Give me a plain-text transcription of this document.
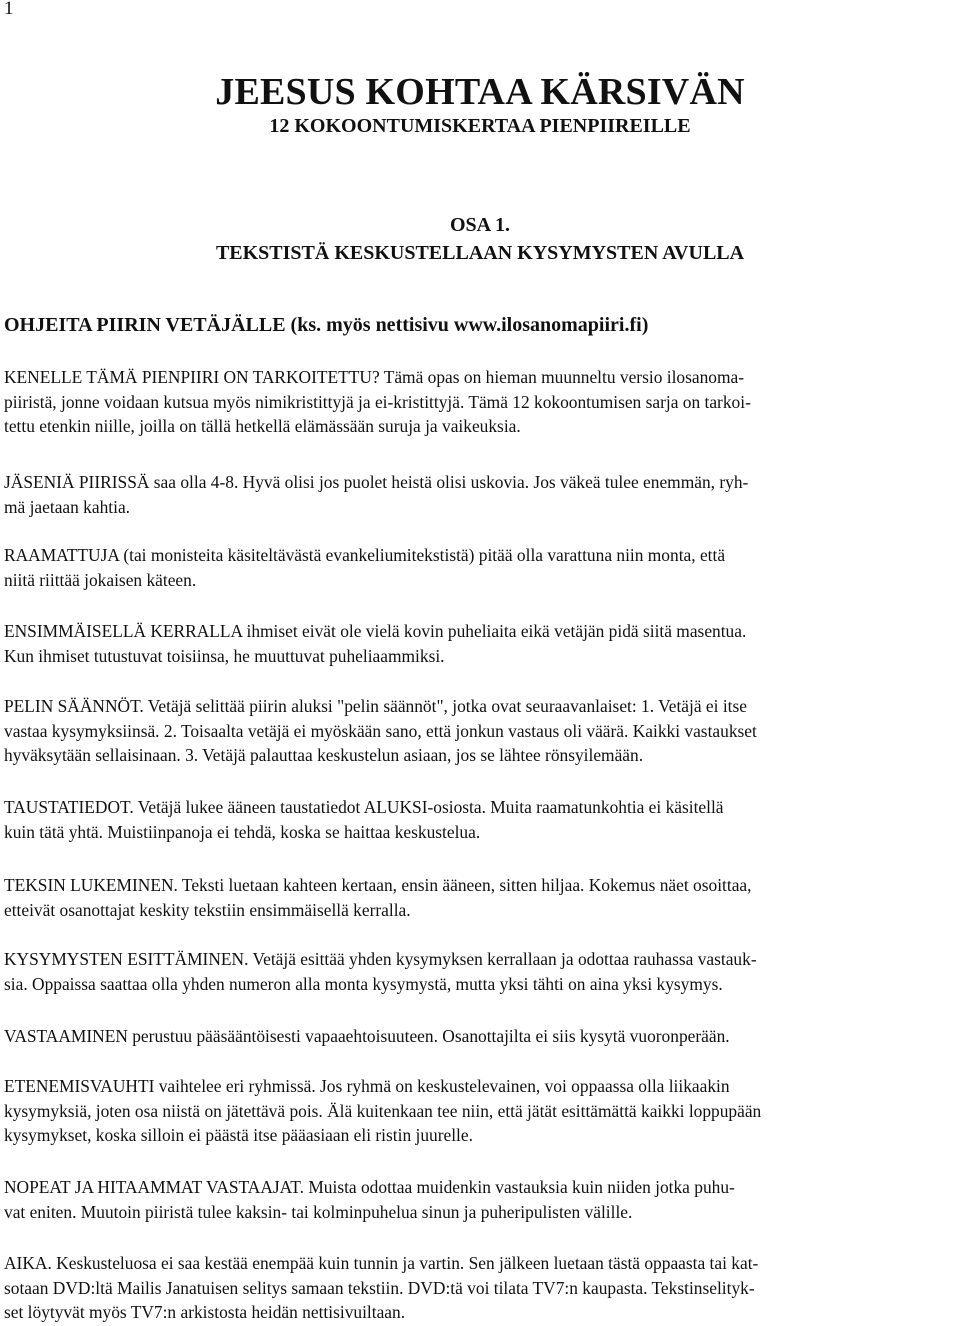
1

JEESUS KOHTAA KÄRSIVÄN

12 KOKOONTUMISKERTAA PIENPIIREILLE

OSA 1.

TEKSTISTÄ KESKUSTELLAAN KYSYMYSTEN AVULLA

OHJEITA PIIRIN VETÄJÄLLE (ks. myös nettisivu www.ilosanomapiiri.fi)

KENELLE TÄMÄ PIENPIIRI ON TARKOITETTU? Tämä opas on hieman muunneltu versio ilosanoma-
piiristä, jonne voidaan kutsua myös nimikristittyjä ja ei-kristittyjä. Tämä 12 kokoontumisen sarja on tarkoi-
tettu etenkin niille, joilla on tällä hetkellä elämässään suruja ja vaikeuksia.
JÄSENIÄ PIIRISSÄ saa olla 4-8. Hyvä olisi jos puolet heistä olisi uskovia. Jos väkeä tulee enemmän, ryh-
mä jaetaan kahtia.
RAAMATTUJA (tai monisteita käsiteltävästä evankeliumitekstistä) pitää olla varattuna niin monta, että
niitä riittää jokaisen käteen.
ENSIMMÄISELLÄ KERRALLA ihmiset eivät ole vielä kovin puheliaita eikä vetäjän pidä siitä masentua.
Kun ihmiset tutustuvat toisiinsa, he muuttuvat puheliaammiksi.
PELIN SÄÄNNÖT. Vetäjä selittää piirin aluksi "pelin säännöt", jotka ovat seuraavanlaiset: 1. Vetäjä ei itse
vastaa kysymyksiinsä. 2. Toisaalta vetäjä ei myöskään sano, että jonkun vastaus oli väärä. Kaikki vastaukset
hyväksytään sellaisinaan. 3. Vetäjä palauttaa keskustelun asiaan, jos se lähtee rönsyilemään.
TAUSTATIEDOT. Vetäjä lukee ääneen taustatiedot ALUKSI-osiosta. Muita raamatunkohtia ei käsitellä
kuin tätä yhtä. Muistiinpanoja ei tehdä, koska se haittaa keskustelua.
TEKSIN LUKEMINEN. Teksti luetaan kahteen kertaan, ensin ääneen, sitten hiljaa. Kokemus näet osoittaa,
etteivät osanottajat keskity tekstiin ensimmäisellä kerralla.
KYSYMYSTEN ESITTÄMINEN. Vetäjä esittää yhden kysymyksen kerrallaan ja odottaa rauhassa vastauk-
sia. Oppaissa saattaa olla yhden numeron alla monta kysymystä, mutta yksi tähti on aina yksi kysymys.
VASTAAMINEN perustuu pääsääntöisesti vapaaehtoisuuteen. Osanottajilta ei siis kysytä vuoronperään.
ETENEMISVAUHTI vaihtelee eri ryhmissä. Jos ryhmä on keskustelevainen, voi oppaassa olla liikaakin
kysymyksiä, joten osa niistä on jätettävä pois. Älä kuitenkaan tee niin, että jätät esittämättä kaikki loppupään
kysymykset, koska silloin ei päästä itse pääasiaan eli ristin juurelle.
NOPEAT JA HITAAMMAT VASTAAJAT. Muista odottaa muidenkin vastauksia kuin niiden jotka puhu-
vat eniten. Muutoin piiristä tulee kaksin- tai kolminpuhelua sinun ja puheripulisten välille.
AIKA. Keskusteluosa ei saa kestää enempää kuin tunnin ja vartin. Sen jälkeen luetaan tästä oppaasta tai kat-
sotaan DVD:ltä Mailis Janatuisen selitys samaan tekstiin. DVD:tä voi tilata TV7:n kaupasta. Tekstinselityk-
set löytyvät myös TV7:n arkistosta heidän nettisivuiltaan.
